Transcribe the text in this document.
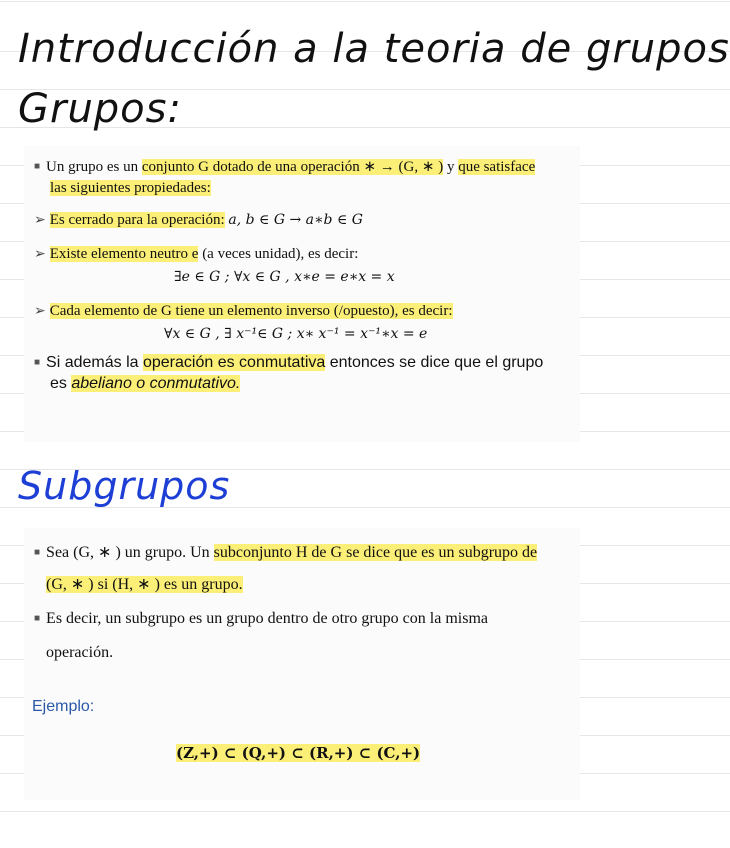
Introducción a la teoria de grupos
Grupos:
■ Un grupo es un conjunto G dotado de una operación ∗ → (G, ∗ ) y que satisface
las siguientes propiedades:
➢ Es cerrado para la operación: a, b ∈ G → a∗b ∈ G
➢ Existe elemento neutro e (a veces unidad), es decir:
∃e ∈ G ; ∀x ∈ G , x∗e = e∗x = x
➢ Cada elemento de G tiene un elemento inverso (/opuesto), es decir:
∀x ∈ G , ∃ x⁻¹∈ G ; x∗ x⁻¹ = x⁻¹∗x = e
■ Si además la operación es conmutativa entonces se dice que el grupo
es abeliano o conmutativo.
Subgrupos
■ Sea (G, ∗ ) un grupo. Un subconjunto H de G se dice que es un subgrupo de
(G, ∗ ) si (H, ∗ ) es un grupo.
■ Es decir, un subgrupo es un grupo dentro de otro grupo con la misma
operación.
Ejemplo:
(Z,+) ⊂ (Q,+) ⊂ (R,+) ⊂ (C,+)
